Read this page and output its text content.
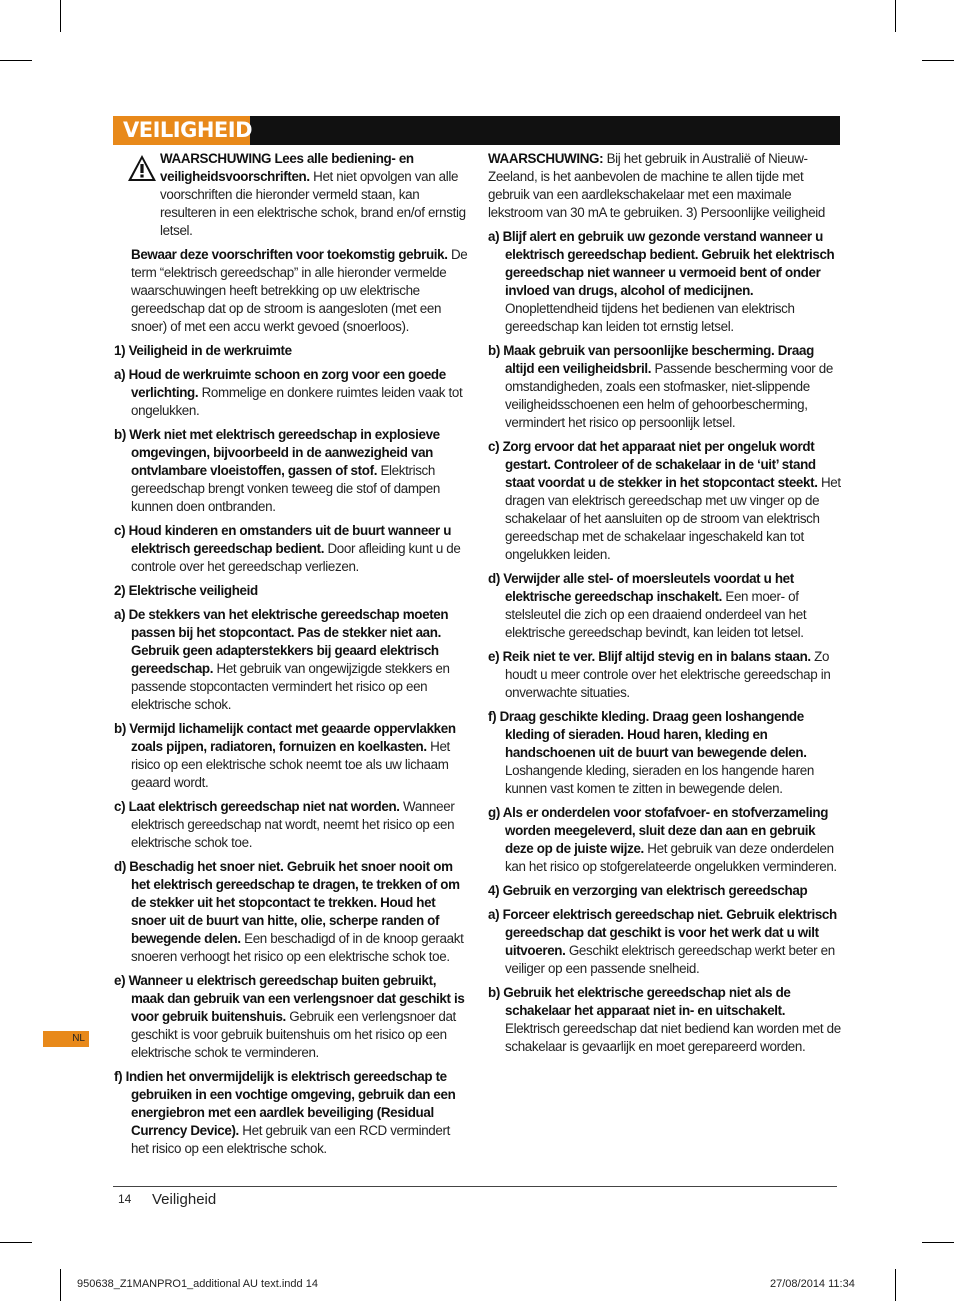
VEILIGHEID
WAARSCHUWING Lees alle bediening- en veiligheidsvoorschriften. Het niet opvolgen van alle voorschriften die hieronder vermeld staan, kan resulteren in een elektrische schok, brand en/of ernstig letsel.

Bewaar deze voorschriften voor toekomstig gebruik. De term “elektrisch gereedschap” in alle hieronder vermelde waarschuwingen heeft betrekking op uw elektrische gereedschap dat op de stroom is aangesloten (met een snoer) of met een accu werkt gevoed (snoerloos).

1) Veiligheid in de werkruimte

a) Houd de werkruimte schoon en zorg voor een goede verlichting. Rommelige en donkere ruimtes leiden vaak tot ongelukken.

b) Werk niet met elektrisch gereedschap in explosieve omgevingen, bijvoorbeeld in de aanwezigheid van ontvlambare vloeistoffen, gassen of stof. Elektrisch gereedschap brengt vonken teweeg die stof of dampen kunnen doen ontbranden.

c) Houd kinderen en omstanders uit de buurt wanneer u elektrisch gereedschap bedient. Door afleiding kunt u de controle over het gereedschap verliezen.

2) Elektrische veiligheid

a) De stekkers van het elektrische gereedschap moeten passen bij het stopcontact. Pas de stekker niet aan. Gebruik geen adapterstekkers bij geaard elektrisch gereedschap. Het gebruik van ongewijzigde stekkers en passende stopcontacten vermindert het risico op een elektrische schok.

b) Vermijd lichamelijk contact met geaarde oppervlakken zoals pijpen, radiatoren, fornuizen en koelkasten. Het risico op een elektrische schok neemt toe als uw lichaam geaard wordt.

c) Laat elektrisch gereedschap niet nat worden. Wanneer elektrisch gereedschap nat wordt, neemt het risico op een elektrische schok toe.

d) Beschadig het snoer niet. Gebruik het snoer nooit om het elektrisch gereedschap te dragen, te trekken of om de stekker uit het stopcontact te trekken. Houd het snoer uit de buurt van hitte, olie, scherpe randen of bewegende delen. Een beschadigd of in de knoop geraakt snoeren verhoogt het risico op een elektrische schok toe.

e) Wanneer u elektrisch gereedschap buiten gebruikt, maak dan gebruik van een verlengsnoer dat geschikt is voor gebruik buitenshuis. Gebruik een verlengsnoer dat geschikt is voor gebruik buitenshuis om het risico op een elektrische schok te verminderen.

f) Indien het onvermijdelijk is elektrisch gereedschap te gebruiken in een vochtige omgeving, gebruik dan een energiebron met een aardlek beveiliging (Residual Currency Device). Het gebruik van een RCD vermindert het risico op een elektrische schok.

WAARSCHUWING: Bij het gebruik in Australië of Nieuw-Zeeland, is het aanbevolen de machine te allen tijde met gebruik van een aardlekschakelaar met een maximale lekstroom van 30 mA te gebruiken. 3) Persoonlijke veiligheid

a) Blijf alert en gebruik uw gezonde verstand wanneer u elektrisch gereedschap bedient. Gebruik het elektrisch gereedschap niet wanneer u vermoeid bent of onder invloed van drugs, alcohol of medicijnen. Onoplettendheid tijdens het bedienen van elektrisch gereedschap kan leiden tot ernstig letsel.

b) Maak gebruik van persoonlijke bescherming. Draag altijd een veiligheidsbril. Passende bescherming voor de omstandigheden, zoals een stofmasker, niet-slippende veiligheidsschoenen een helm of gehoorbescherming, vermindert het risico op persoonlijk letsel.

c) Zorg ervoor dat het apparaat niet per ongeluk wordt gestart. Controleer of de schakelaar in de ‘uit’ stand staat voordat u de stekker in het stopcontact steekt. Het dragen van elektrisch gereedschap met uw vinger op de schakelaar of het aansluiten op de stroom van elektrisch gereedschap met de schakelaar ingeschakeld kan tot ongelukken leiden.

d) Verwijder alle stel- of moersleutels voordat u het elektrische gereedschap inschakelt. Een moer- of stelsleutel die zich op een draaiend onderdeel van het elektrische gereedschap bevindt, kan leiden tot letsel.

e) Reik niet te ver. Blijf altijd stevig en in balans staan. Zo houdt u meer controle over het elektrische gereedschap in onverwachte situaties.

f) Draag geschikte kleding. Draag geen loshangende kleding of sieraden. Houd haren, kleding en handschoenen uit de buurt van bewegende delen. Loshangende kleding, sieraden en los hangende haren kunnen vast komen te zitten in bewegende delen.

g) Als er onderdelen voor stofafvoer- en stofverzameling worden meegeleverd, sluit deze dan aan en gebruik deze op de juiste wijze. Het gebruik van deze onderdelen kan het risico op stofgerelateerde ongelukken verminderen.

4) Gebruik en verzorging van elektrisch gereedschap

a) Forceer elektrisch gereedschap niet. Gebruik elektrisch gereedschap dat geschikt is voor het werk dat u wilt uitvoeren. Geschikt elektrisch gereedschap werkt beter en veiliger op een passende snelheid.

b) Gebruik het elektrische gereedschap niet als de schakelaar het apparaat niet in- en uitschakelt. Elektrisch gereedschap dat niet bediend kan worden met de schakelaar is gevaarlijk en moet gerepareerd worden.

NL
14 Veiligheid
950638_Z1MANPRO1_additional AU text.indd 14	27/08/2014 11:34
